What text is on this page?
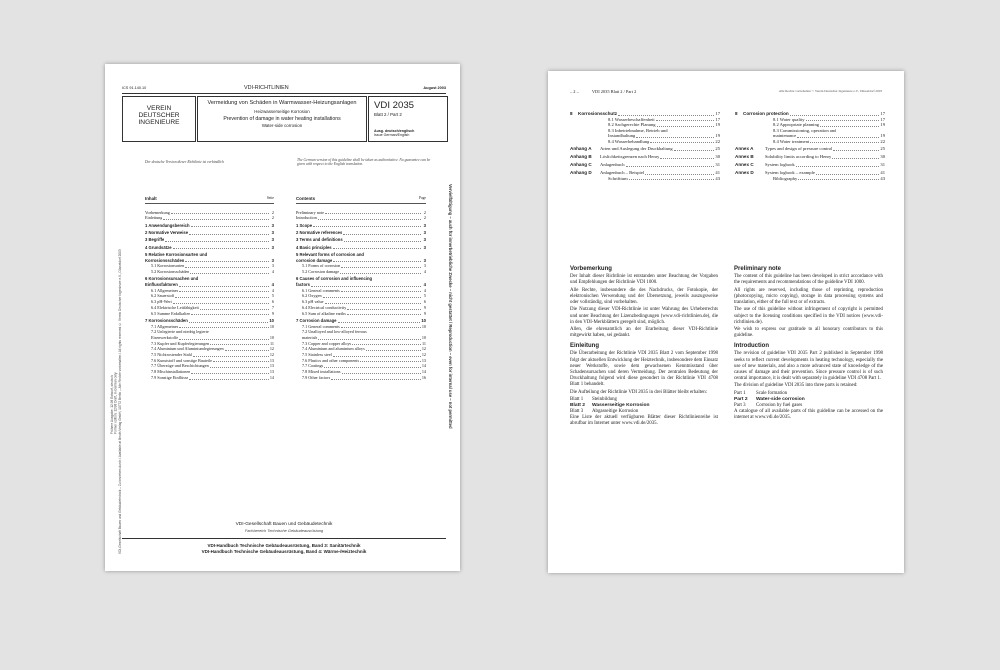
ICS 91.140.10	VDI-RICHTLINIEN	August 2003
VEREIN
DEUTSCHER
INGENIEURE
Vermeidung von Schäden in Warmwasser-Heizungsanlagen
Heizwasserseitige Korrosion
Prevention of damage in water heating installations
Water-side corrosion
VDI 2035
Blatt 2 / Part 2
Ausg. deutsch/englisch
Issue German/English
Der deutsche Version dieser Richtlinie ist verbindlich	The German version of this guideline shall be taken as authoritative. No guarantee can be given with respect to the English translation.
Frühere Ausgabe: 12.98 Entwurf, deutsch
Former edition: 12/98 Draft, in German only VDI-Gesellschaft Bauen und Gebäudetechnik – Zu beziehen durch / Available at Beuth Verlag GmbH, 10772 Berlin – Alle Rechte vorbehalten / All rights reserved © Verein Deutscher Ingenieure e.V., Düsseldorf 2003	Vervielfältigung – auch für innerbetriebliche Zwecke – nicht gestattet / Reproduction – even for internal use – not permitted
Inhalt	Seite
Vorbemerkung	2
Einleitung	2
1 Anwendungsbereich	3
2 Normative Verweise	3
3 Begriffe	3
4 Grundsätze	3
5 Relative Korrosionsarten und
Korrosionsschäden	3
5.1 Korrosionsarten	3
5.2 Korrosionsschäden	4
6 Korrosionsursachen und
Einflussfaktoren	4
6.1 Allgemeines	4
6.2 Sauerstoff	5
6.3 pH-Wert	6
6.4 Elektrische Leitfähigkeit	7
6.5 Summe Erdalkalien	9
7 Korrosionsschäden	10
7.1 Allgemeines	10
7.2 Unlegierte und niedrig legierte
Eisenwerkstoffe	10
7.3 Kupfer und Kupferlegierungen	11
7.4 Aluminium und Aluminiumlegierungen	12
7.5 Nichtrostender Stahl	12
7.6 Kunststoff und sonstige Bauteile	13
7.7 Überzüge und Beschichtungen	13
7.8 Mischinstallationen	13
7.9 Sonstige Einflüsse	14
Contents	Page
Preliminary note	2
Introduction	2
1 Scope	3
2 Normative references	3
3 Terms and definitions	3
4 Basic principles	3
5 Relevant forms of corrosion and
corrosion damage	3
5.1 Forms of corrosion	3
5.2 Corrosion damage	4
6 Causes of corrosion and influencing
factors	4
6.1 General comments	4
6.2 Oxygen	5
6.3 pH value	6
6.4 Electrical conductivity	9
6.5 Sum of alkaline earths	9
7 Corrosion damage	10
7.1 General comments	10
7.2 Unalloyed and low-alloyed ferrous
materials	10
7.3 Copper and copper alloys	11
7.4 Aluminium and aluminium alloys	12
7.5 Stainless steel	12
7.6 Plastics and other components	13
7.7 Coatings	14
7.8 Mixed installations	14
7.9 Other factors	16
VDI-Gesellschaft Bauen und Gebäudetechnik
Fachbereich Technische Gebäudeausrüstung
VDI-Handbuch Technische Gebäudeausrüstung, Band 3: Sanitärtechnik
VDI-Handbuch Technische Gebäudeausrüstung, Band 4: Wärme-/Heiztechnik
– 2 –	VDI 2035 Blatt 2 / Part 2	Alle Rechte vorbehalten © Verein Deutscher Ingenieure e.V., Düsseldorf 2003
8	Korrosionsschutz	17
8.1 Wasserbeschaffenheit	17
8.2 Sachgerechte Planung	19
8.3 Inbetriebnahme, Betrieb und
Instandhaltung	19
8.4 Wasserbehandlung	22
Anhang A	Arten und Auslegung der Druckhaltung	25
Anhang B	Löslichkeitsgrenzen nach Henry	30
Anhang C	Anlagenbuch	31
Anhang D	Anlagenbuch – Beispiel	41
Schrifttum	43
8	Corrosion protection	17
8.1 Water quality	17
8.2 Appropriate planning	19
8.3 Commissioning, operation and
maintenance	19
8.4 Water treatment	22
Annex A	Types and design of pressure control	25
Annex B	Solubility limits according to Henry	30
Annex C	System logbook	31
Annex D	System logbook – example	41
Bibliography	43
Vorbemerkung

Der Inhalt dieser Richtlinie ist entstanden unter Beachtung der Vorgaben und Empfehlungen der Richtlinie VDI 1000.

Alle Rechte, insbesondere die des Nachdrucks, der Fotokopie, der elektronischen Verwendung und der Übersetzung, jeweils auszugsweise oder vollständig, sind vorbehalten.

Die Nutzung dieser VDI-Richtlinie ist unter Wahrung des Urheberrechts und unter Beachtung der Lizenzbedingungen (www.vdi-richtlinien.de), die in den VDI-Merkblättern geregelt sind, möglich.

Allen, die ehrenamtlich an der Erarbeitung dieser VDI-Richtlinie mitgewirkt haben, sei gedankt.

Einleitung

Die Überarbeitung der Richtlinie VDI 2035 Blatt 2 vom September 1998 folgt der aktuellen Entwicklung der Heiztechnik, insbesondere dem Einsatz neuer Werkstoffe, sowie dem gewachsenen Kenntnisstand über Schadensursachen und deren Vermeidung. Der zentralen Bedeutung der Druckhaltung folgend wird diese gesondert in der Richtlinie VDI 4708 Blatt 1 behandelt.

Die Aufteilung der Richtlinie VDI 2035 in drei Blätter bleibt erhalten:

Blatt 1 Steinbildung
Blatt 2 Wasserseitige Korrosion
Blatt 3 Abgasseitige Korrosion

Eine Liste der aktuell verfügbaren Blätter dieser Richtlinienreihe ist abrufbar im Internet unter www.vdi.de/2035.

Preliminary note

The content of this guideline has been developed in strict accordance with the requirements and recommendations of the guideline VDI 1000.

All rights are reserved, including those of reprinting, reproduction (photocopying, micro copying), storage in data processing systems and translation, either of the full text or of extracts.

The use of this guideline without infringement of copyright is permitted subject to the licensing conditions specified in the VDI notices (www.vdi-richtlinien.de).

We wish to express our gratitude to all honorary contributors to this guideline.

Introduction

The revision of guideline VDI 2035 Part 2 published in September 1998 seeks to reflect current developments in heating technology, especially the use of new materials, and also a more advanced state of knowledge of the causes of damage and their prevention. Since pressure control is of such central importance, it is dealt with separately in guideline VDI 4708 Part 1.

The division of guideline VDI 2035 into three parts is retained:

Part 1 Scale formation
Part 2 Water-side corrosion
Part 3 Corrosion by fuel gases

A catalogue of all available parts of this guideline can be accessed on the internet at www.vdi.de/2035.
